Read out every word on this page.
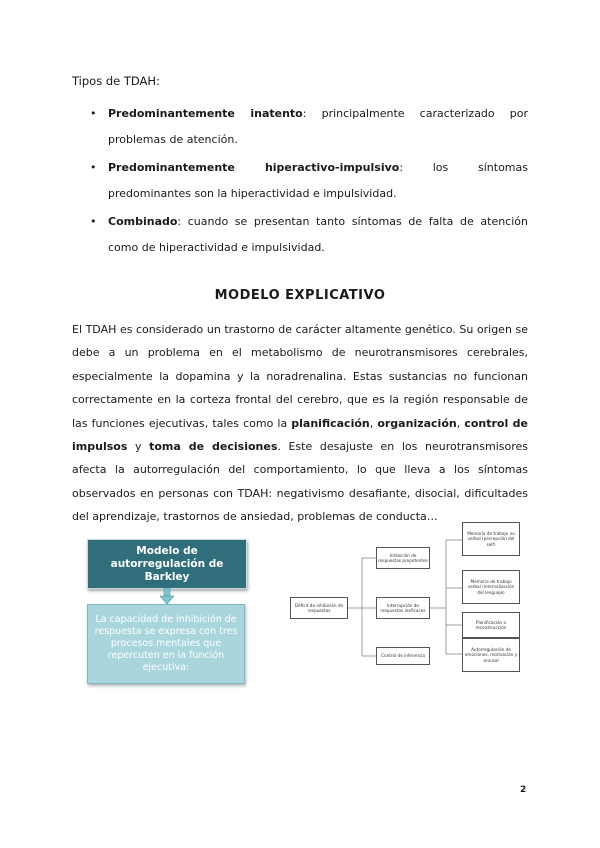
Tipos de TDAH:
• Predominantemente inatento: principalmente caracterizado por problemas de atención.
• Predominantemente hiperactivo-impulsivo: los síntomas predominantes son la hiperactividad e impulsividad.
• Combinado: cuando se presentan tanto síntomas de falta de atención como de hiperactividad e impulsividad.
MODELO EXPLICATIVO
El TDAH es considerado un trastorno de carácter altamente genético. Su origen se debe a un problema en el metabolismo de neurotransmisores cerebrales, especialmente la dopamina y la noradrenalina. Estas sustancias no funcionan correctamente en la corteza frontal del cerebro, que es la región responsable de las funciones ejecutivas, tales como la planificación, organización, control de impulsos y toma de decisiones. Este desajuste en los neurotransmisores afecta la autorregulación del comportamiento, lo que lleva a los síntomas observados en personas con TDAH: negativismo desafiante, disocial, dificultades del aprendizaje, trastornos de ansiedad, problemas de conducta…
Modelo de autorregulación de Barkley
La capacidad de inhibición de respuesta se expresa con tres procesos mentales que repercuten en la función ejecutiva:
Déficit de inhibición de respuestas
Inhibición de respuestas prepotentes
Interrupción de respuestas ineficaces
Control de inferencia
Memoria de trabajo no verbal (percepción del self)
Memoria de trabajo verbal (internalización del lenguaje)
Planificación o reconstrucción
Autorregulación de emociones, motivación y arousal
2
